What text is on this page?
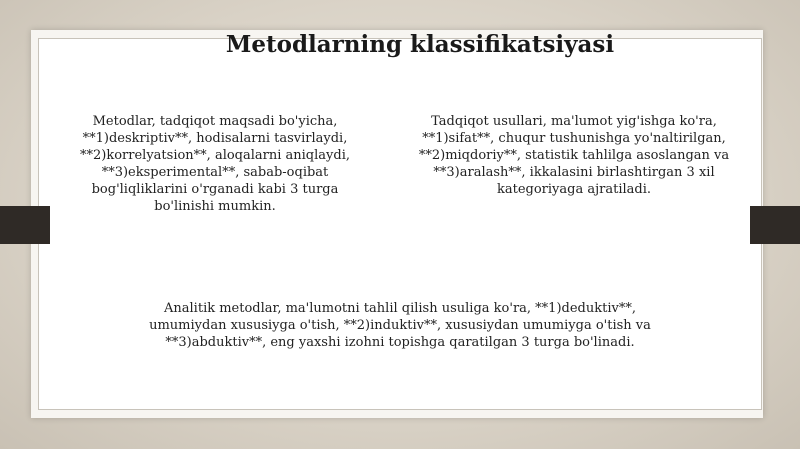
Metodlarning klassifikatsiyasi
Metodlar, tadqiqot maqsadi bo'yicha, **1)deskriptiv**, hodisalarni tasvirlaydi, **2)korrelyatsion**, aloqalarni aniqlaydi, **3)eksperimental**, sabab-oqibat bog'liqliklarini o'rganadi kabi 3 turga bo'linishi mumkin.
Tadqiqot usullari, ma'lumot yig'ishga ko'ra, **1)sifat**, chuqur tushunishga yo'naltirilgan, **2)miqdoriy**, statistik tahlilga asoslangan va **3)aralash**, ikkalasini birlashtirgan 3 xil kategoriyaga ajratiladi.
Analitik metodlar, ma'lumotni tahlil qilish usuliga ko'ra, **1)deduktiv**, umumiydan xususiyga o'tish, **2)induktiv**, xususiydan umumiyga o'tish va **3)abduktiv**, eng yaxshi izohni topishga qaratilgan 3 turga bo'linadi.
